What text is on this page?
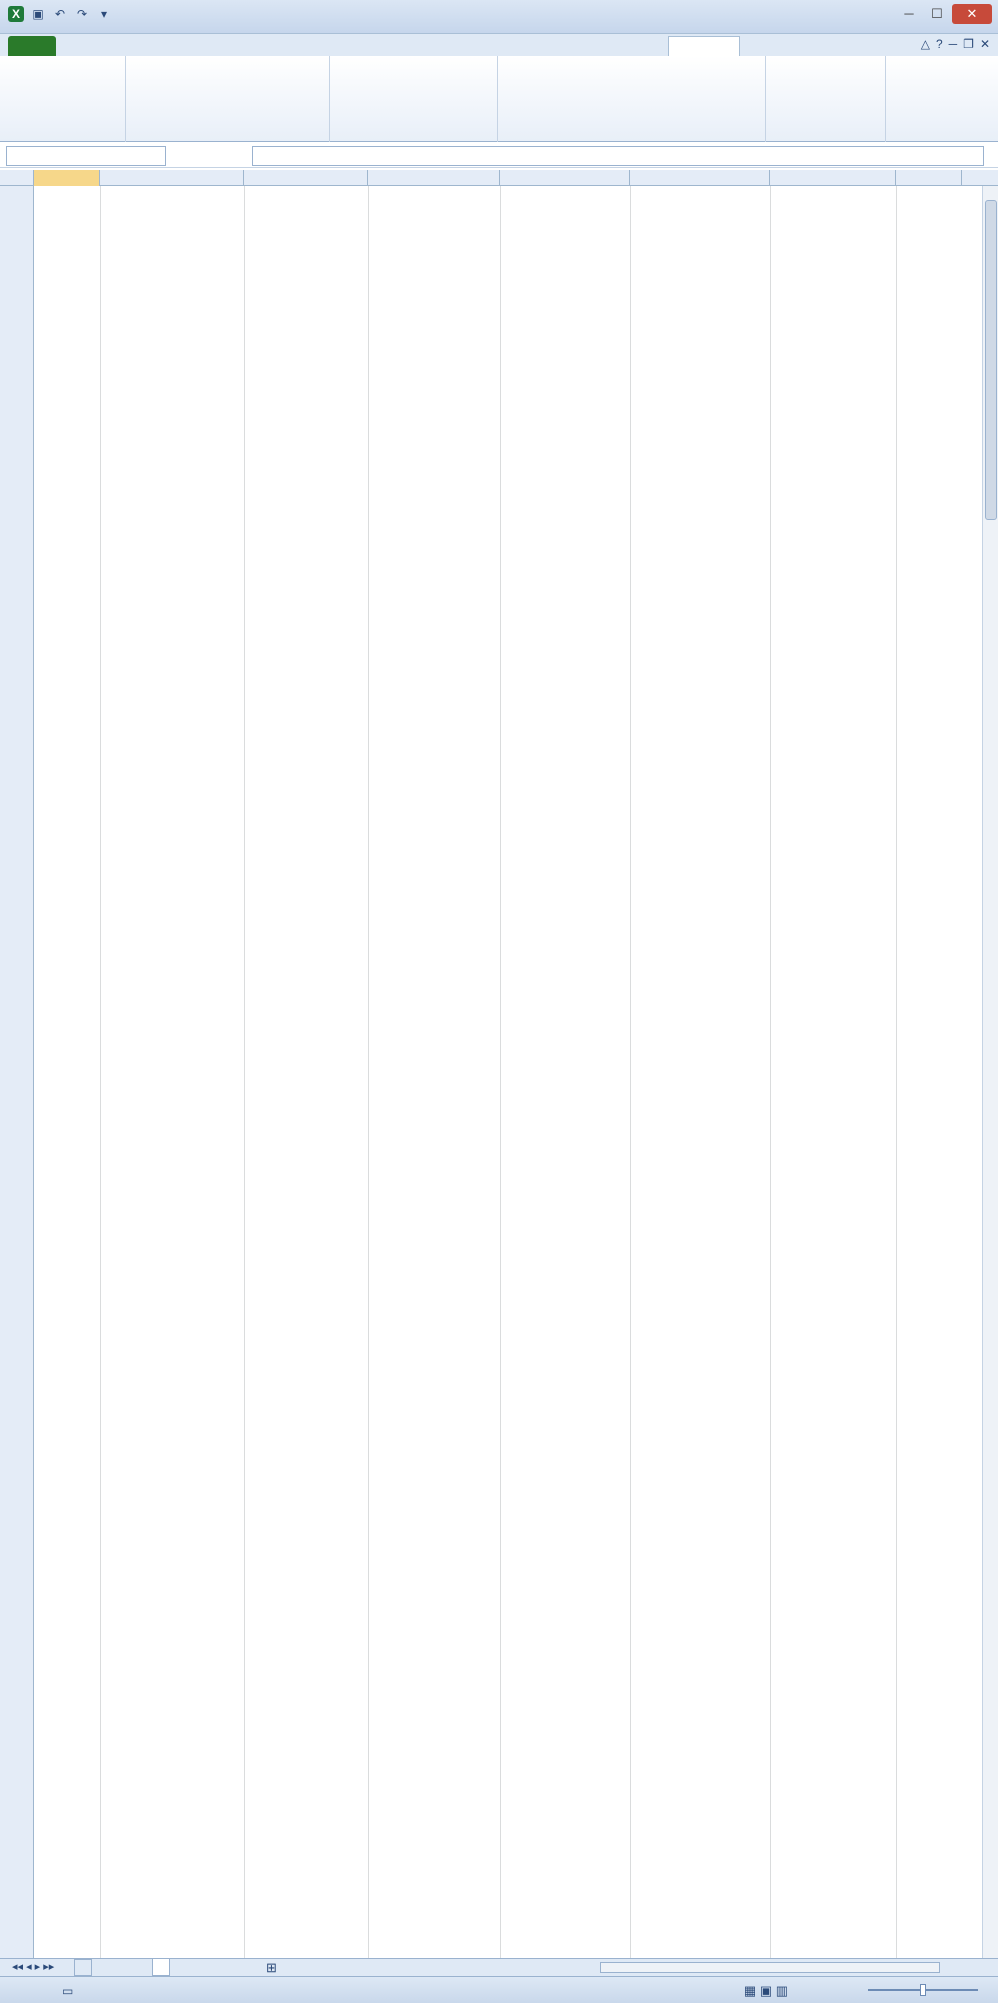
X	▣ ↶ ↷	▾	─	☐	✕
△ ? ─ ❐ ✕
◂◂ ◂ ▸ ▸▸	⊞
▭	▦ ▣ ▥
